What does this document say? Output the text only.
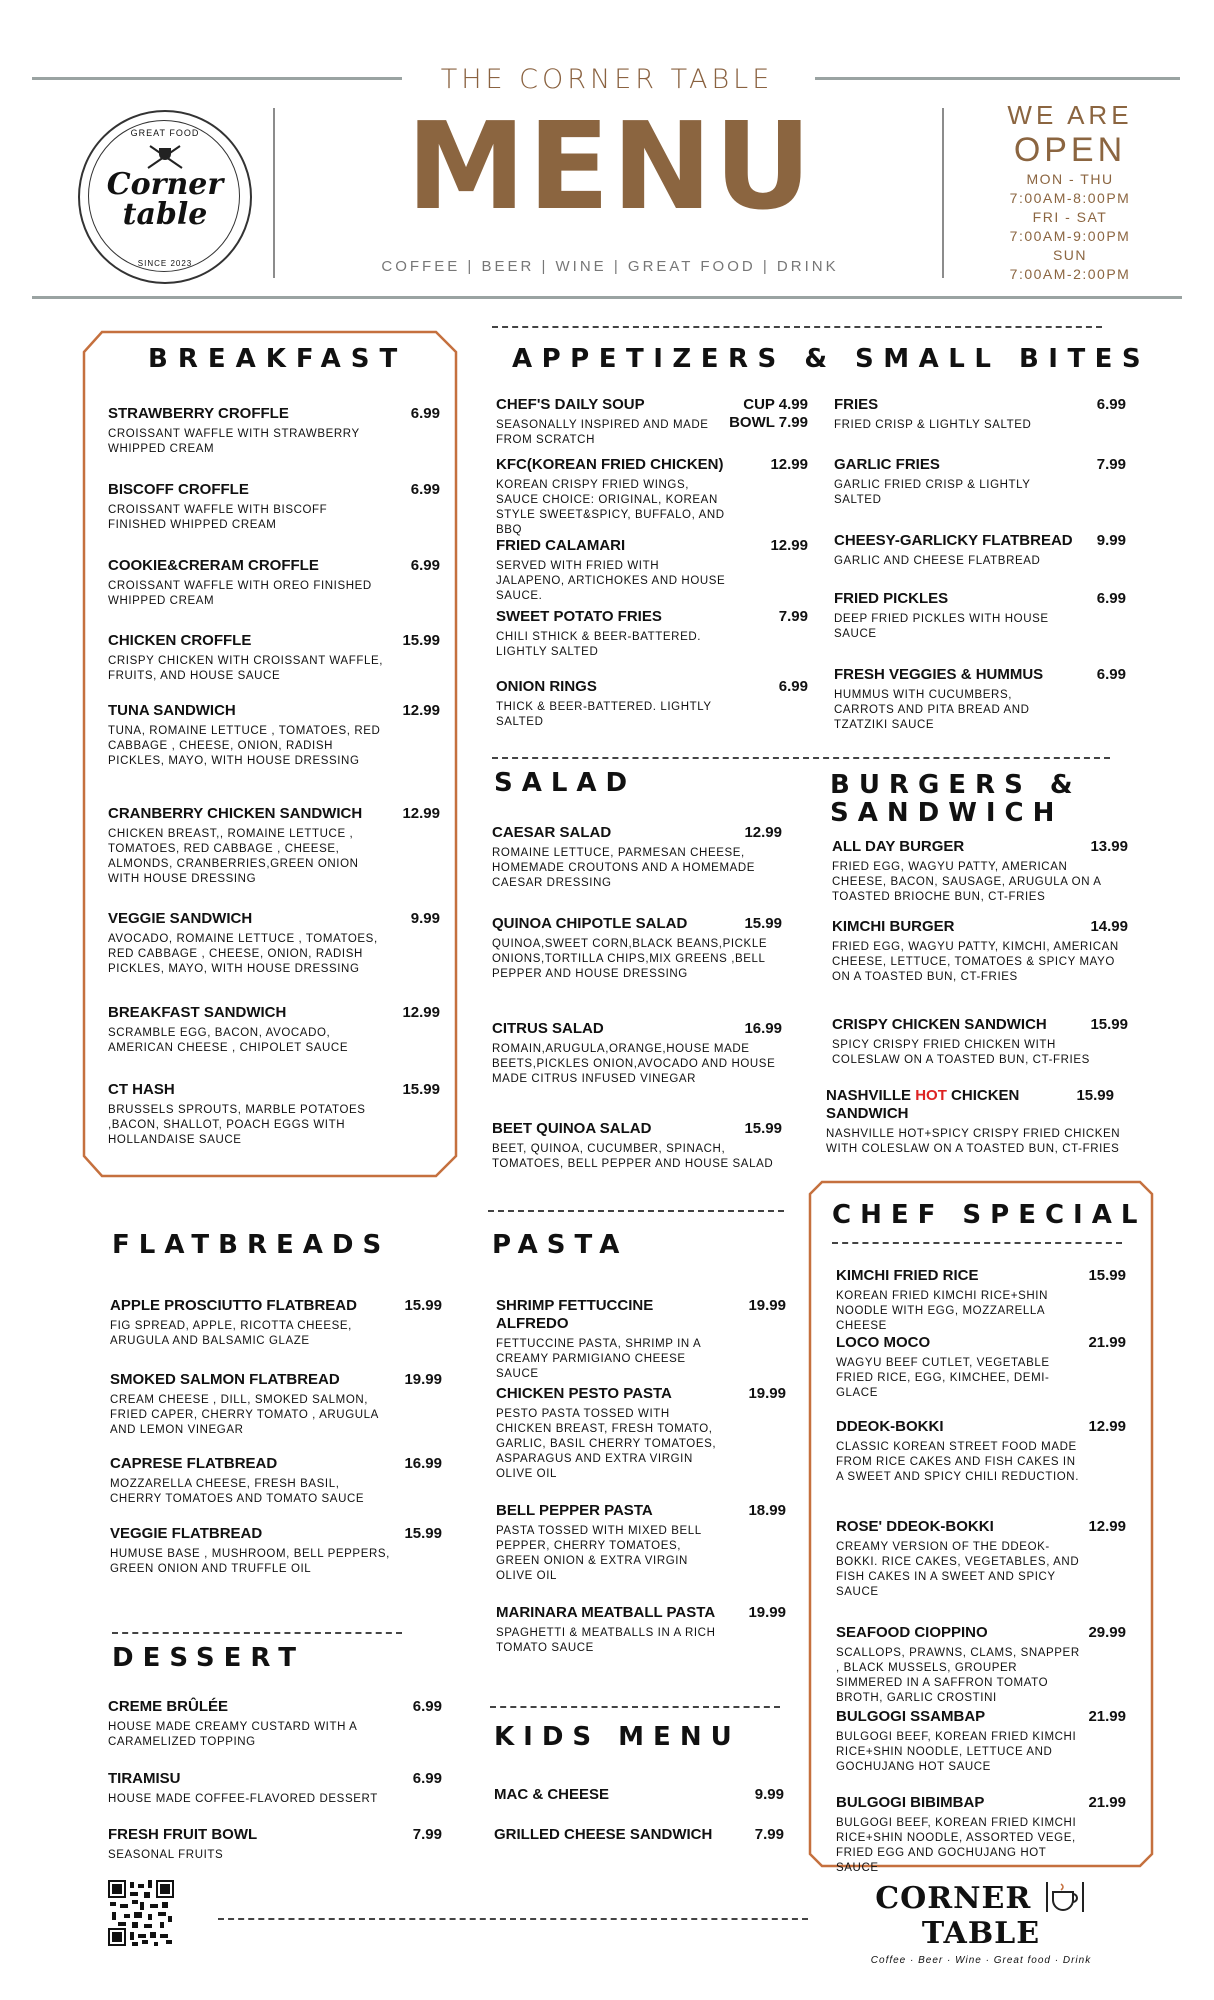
THE CORNER TABLE
MENU
COFFEE | BEER | WINE | GREAT FOOD | DRINK
GREAT FOOD
Corner
table
SINCE 2023
WE ARE
OPEN
MON - THU
7:00AM-8:00PM
FRI - SAT
7:00AM-9:00PM
SUN
7:00AM-2:00PM
BREAKFAST
STRAWBERRY CROFFLE	6.99
CROISSANT WAFFLE WITH STRAWBERRY WHIPPED CREAM
BISCOFF CROFFLE	6.99
CROISSANT WAFFLE WITH BISCOFF FINISHED WHIPPED CREAM
COOKIE&CRERAM CROFFLE	6.99
CROISSANT WAFFLE WITH OREO FINISHED WHIPPED CREAM
CHICKEN CROFFLE	15.99
CRISPY CHICKEN WITH CROISSANT WAFFLE, FRUITS, AND HOUSE SAUCE
TUNA SANDWICH	12.99
TUNA, ROMAINE LETTUCE , TOMATOES, RED CABBAGE , CHEESE, ONION, RADISH PICKLES, MAYO, WITH HOUSE DRESSING
CRANBERRY CHICKEN SANDWICH	12.99
CHICKEN BREAST,, ROMAINE LETTUCE , TOMATOES, RED CABBAGE , CHEESE, ALMONDS, CRANBERRIES,GREEN ONION WITH HOUSE DRESSING
VEGGIE SANDWICH	9.99
AVOCADO, ROMAINE LETTUCE , TOMATOES, RED CABBAGE , CHEESE, ONION, RADISH PICKLES, MAYO, WITH HOUSE DRESSING
BREAKFAST SANDWICH	12.99
SCRAMBLE EGG, BACON, AVOCADO, AMERICAN CHEESE , CHIPOLET SAUCE
CT HASH	15.99
BRUSSELS SPROUTS, MARBLE POTATOES ,BACON, SHALLOT, POACH EGGS WITH HOLLANDAISE SAUCE
APPETIZERS & SMALL BITES
CHEF'S DAILY SOUP	CUP 4.99
BOWL 7.99
SEASONALLY INSPIRED AND MADE FROM SCRATCH
KFC(KOREAN FRIED CHICKEN)	12.99
KOREAN CRISPY FRIED WINGS, SAUCE CHOICE: ORIGINAL, KOREAN STYLE SWEET&SPICY, BUFFALO, AND BBQ
FRIED CALAMARI	12.99
SERVED WITH FRIED WITH JALAPENO, ARTICHOKES AND HOUSE SAUCE.
SWEET POTATO FRIES	7.99
CHILI STHICK & BEER-BATTERED. LIGHTLY SALTED
ONION RINGS	6.99
THICK & BEER-BATTERED. LIGHTLY SALTED
FRIES	6.99
FRIED CRISP & LIGHTLY SALTED
GARLIC FRIES	7.99
GARLIC FRIED CRISP & LIGHTLY SALTED
CHEESY-GARLICKY FLATBREAD	9.99
GARLIC AND CHEESE FLATBREAD
FRIED PICKLES	6.99
DEEP FRIED PICKLES WITH HOUSE SAUCE
FRESH VEGGIES & HUMMUS	6.99
HUMMUS WITH CUCUMBERS, CARROTS AND PITA BREAD AND TZATZIKI SAUCE
SALAD
CAESAR SALAD	12.99
ROMAINE LETTUCE, PARMESAN CHEESE, HOMEMADE CROUTONS AND A HOMEMADE CAESAR DRESSING
QUINOA CHIPOTLE SALAD	15.99
QUINOA,SWEET CORN,BLACK BEANS,PICKLE ONIONS,TORTILLA CHIPS,MIX GREENS ,BELL PEPPER AND HOUSE DRESSING
CITRUS SALAD	16.99
ROMAIN,ARUGULA,ORANGE,HOUSE MADE BEETS,PICKLES ONION,AVOCADO AND HOUSE MADE CITRUS INFUSED VINEGAR
BEET QUINOA SALAD	15.99
BEET, QUINOA, CUCUMBER, SPINACH, TOMATOES, BELL PEPPER AND HOUSE SALAD
BURGERS &
SANDWICH
ALL DAY BURGER	13.99
FRIED EGG, WAGYU PATTY, AMERICAN CHEESE, BACON, SAUSAGE, ARUGULA ON A TOASTED BRIOCHE BUN, CT-FRIES
KIMCHI BURGER	14.99
FRIED EGG, WAGYU PATTY, KIMCHI, AMERICAN CHEESE, LETTUCE, TOMATOES & SPICY MAYO ON A TOASTED BUN, CT-FRIES
CRISPY CHICKEN SANDWICH	15.99
SPICY CRISPY FRIED CHICKEN WITH COLESLAW ON A TOASTED BUN, CT-FRIES
NASHVILLE HOT CHICKEN SANDWICH
15.99
NASHVILLE HOT+SPICY CRISPY FRIED CHICKEN WITH COLESLAW ON A TOASTED BUN, CT-FRIES
FLATBREADS
APPLE PROSCIUTTO FLATBREAD	15.99
FIG SPREAD, APPLE, RICOTTA CHEESE, ARUGULA AND BALSAMIC GLAZE
SMOKED SALMON FLATBREAD	19.99
CREAM CHEESE , DILL, SMOKED SALMON, FRIED CAPER, CHERRY TOMATO , ARUGULA AND LEMON VINEGAR
CAPRESE FLATBREAD	16.99
MOZZARELLA CHEESE, FRESH BASIL, CHERRY TOMATOES AND TOMATO SAUCE
VEGGIE FLATBREAD	15.99
HUMUSE BASE , MUSHROOM, BELL PEPPERS, GREEN ONION AND TRUFFLE OIL
PASTA
SHRIMP FETTUCCINE ALFREDO
19.99
FETTUCCINE PASTA, SHRIMP IN A CREAMY PARMIGIANO CHEESE SAUCE
CHICKEN PESTO PASTA	19.99
PESTO PASTA TOSSED WITH CHICKEN BREAST, FRESH TOMATO, GARLIC, BASIL CHERRY TOMATOES, ASPARAGUS AND EXTRA VIRGIN OLIVE OIL
BELL PEPPER PASTA	18.99
PASTA TOSSED WITH MIXED BELL PEPPER, CHERRY TOMATOES, GREEN ONION & EXTRA VIRGIN OLIVE OIL
MARINARA MEATBALL PASTA	19.99
SPAGHETTI & MEATBALLS IN A RICH TOMATO SAUCE
DESSERT
CREME BRÛLÉE	6.99
HOUSE MADE CREAMY CUSTARD WITH A CARAMELIZED TOPPING
TIRAMISU	6.99
HOUSE MADE COFFEE-FLAVORED DESSERT
FRESH FRUIT BOWL	7.99
SEASONAL FRUITS
KIDS MENU
MAC & CHEESE	9.99
GRILLED CHEESE SANDWICH	7.99
CHEF SPECIAL
KIMCHI FRIED RICE	15.99
KOREAN FRIED KIMCHI RICE+SHIN NOODLE WITH EGG, MOZZARELLA CHEESE
LOCO MOCO	21.99
WAGYU BEEF CUTLET, VEGETABLE FRIED RICE, EGG, KIMCHEE, DEMI-GLACE
DDEOK-BOKKI	12.99
CLASSIC KOREAN STREET FOOD MADE FROM RICE CAKES AND FISH CAKES IN A SWEET AND SPICY CHILI REDUCTION.
ROSE' DDEOK-BOKKI	12.99
CREAMY VERSION OF THE DDEOK-BOKKI. RICE CAKES, VEGETABLES, AND FISH CAKES IN A SWEET AND SPICY SAUCE
SEAFOOD CIOPPINO	29.99
SCALLOPS, PRAWNS, CLAMS, SNAPPER , BLACK MUSSELS, GROUPER SIMMERED IN A SAFFRON TOMATO BROTH, GARLIC CROSTINI
BULGOGI SSAMBAP	21.99
BULGOGI BEEF, KOREAN FRIED KIMCHI RICE+SHIN NOODLE, LETTUCE AND GOCHUJANG HOT SAUCE
BULGOGI BIBIMBAP	21.99
BULGOGI BEEF, KOREAN FRIED KIMCHI RICE+SHIN NOODLE, ASSORTED VEGE, FRIED EGG AND GOCHUJANG HOT SAUCE
CORNER  TABLE
Coffee · Beer · Wine · Great food · Drink
